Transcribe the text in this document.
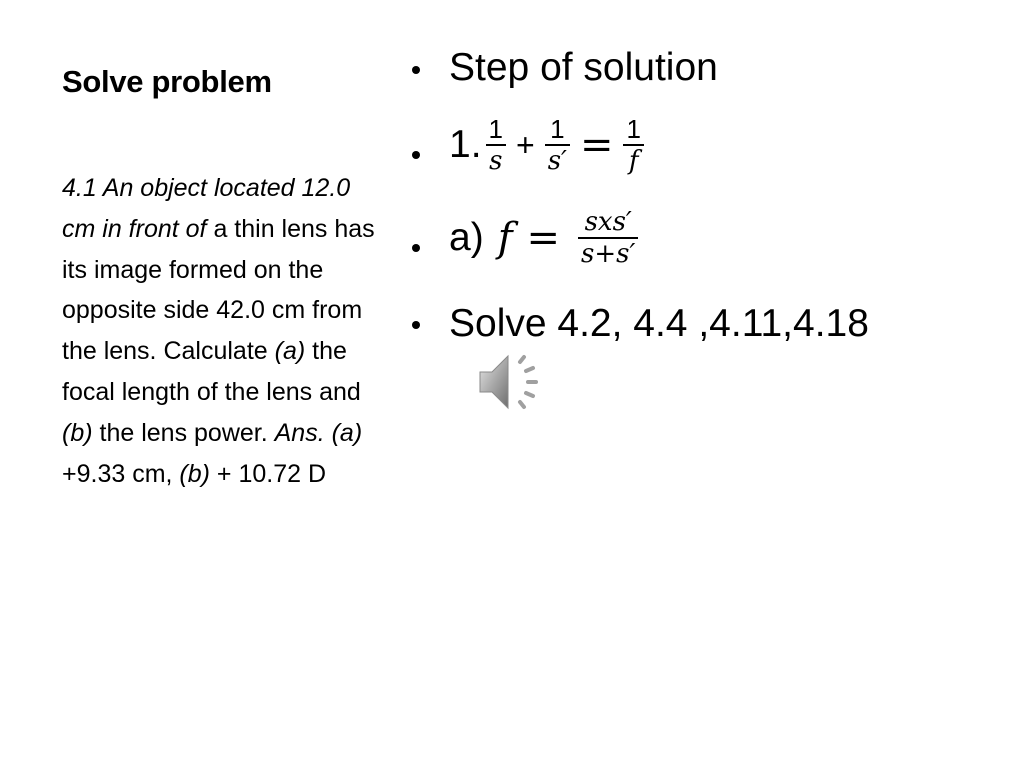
Solve problem
4.1 An object located 12.0 cm in front of a thin lens has its image formed on the opposite side 42.0 cm from the lens. Calculate (a) the focal length of the lens and (b) the lens power. Ans. (a) +9.33 cm, (b) + 10.72 D
Step of solution
1. $\frac{1}{s} + \frac{1}{s'} = \frac{1}{f}$
a) $f = \frac{\text{sxs′}}{s+s'}$
Solve 4.2, 4.4 ,4.11,4.18
